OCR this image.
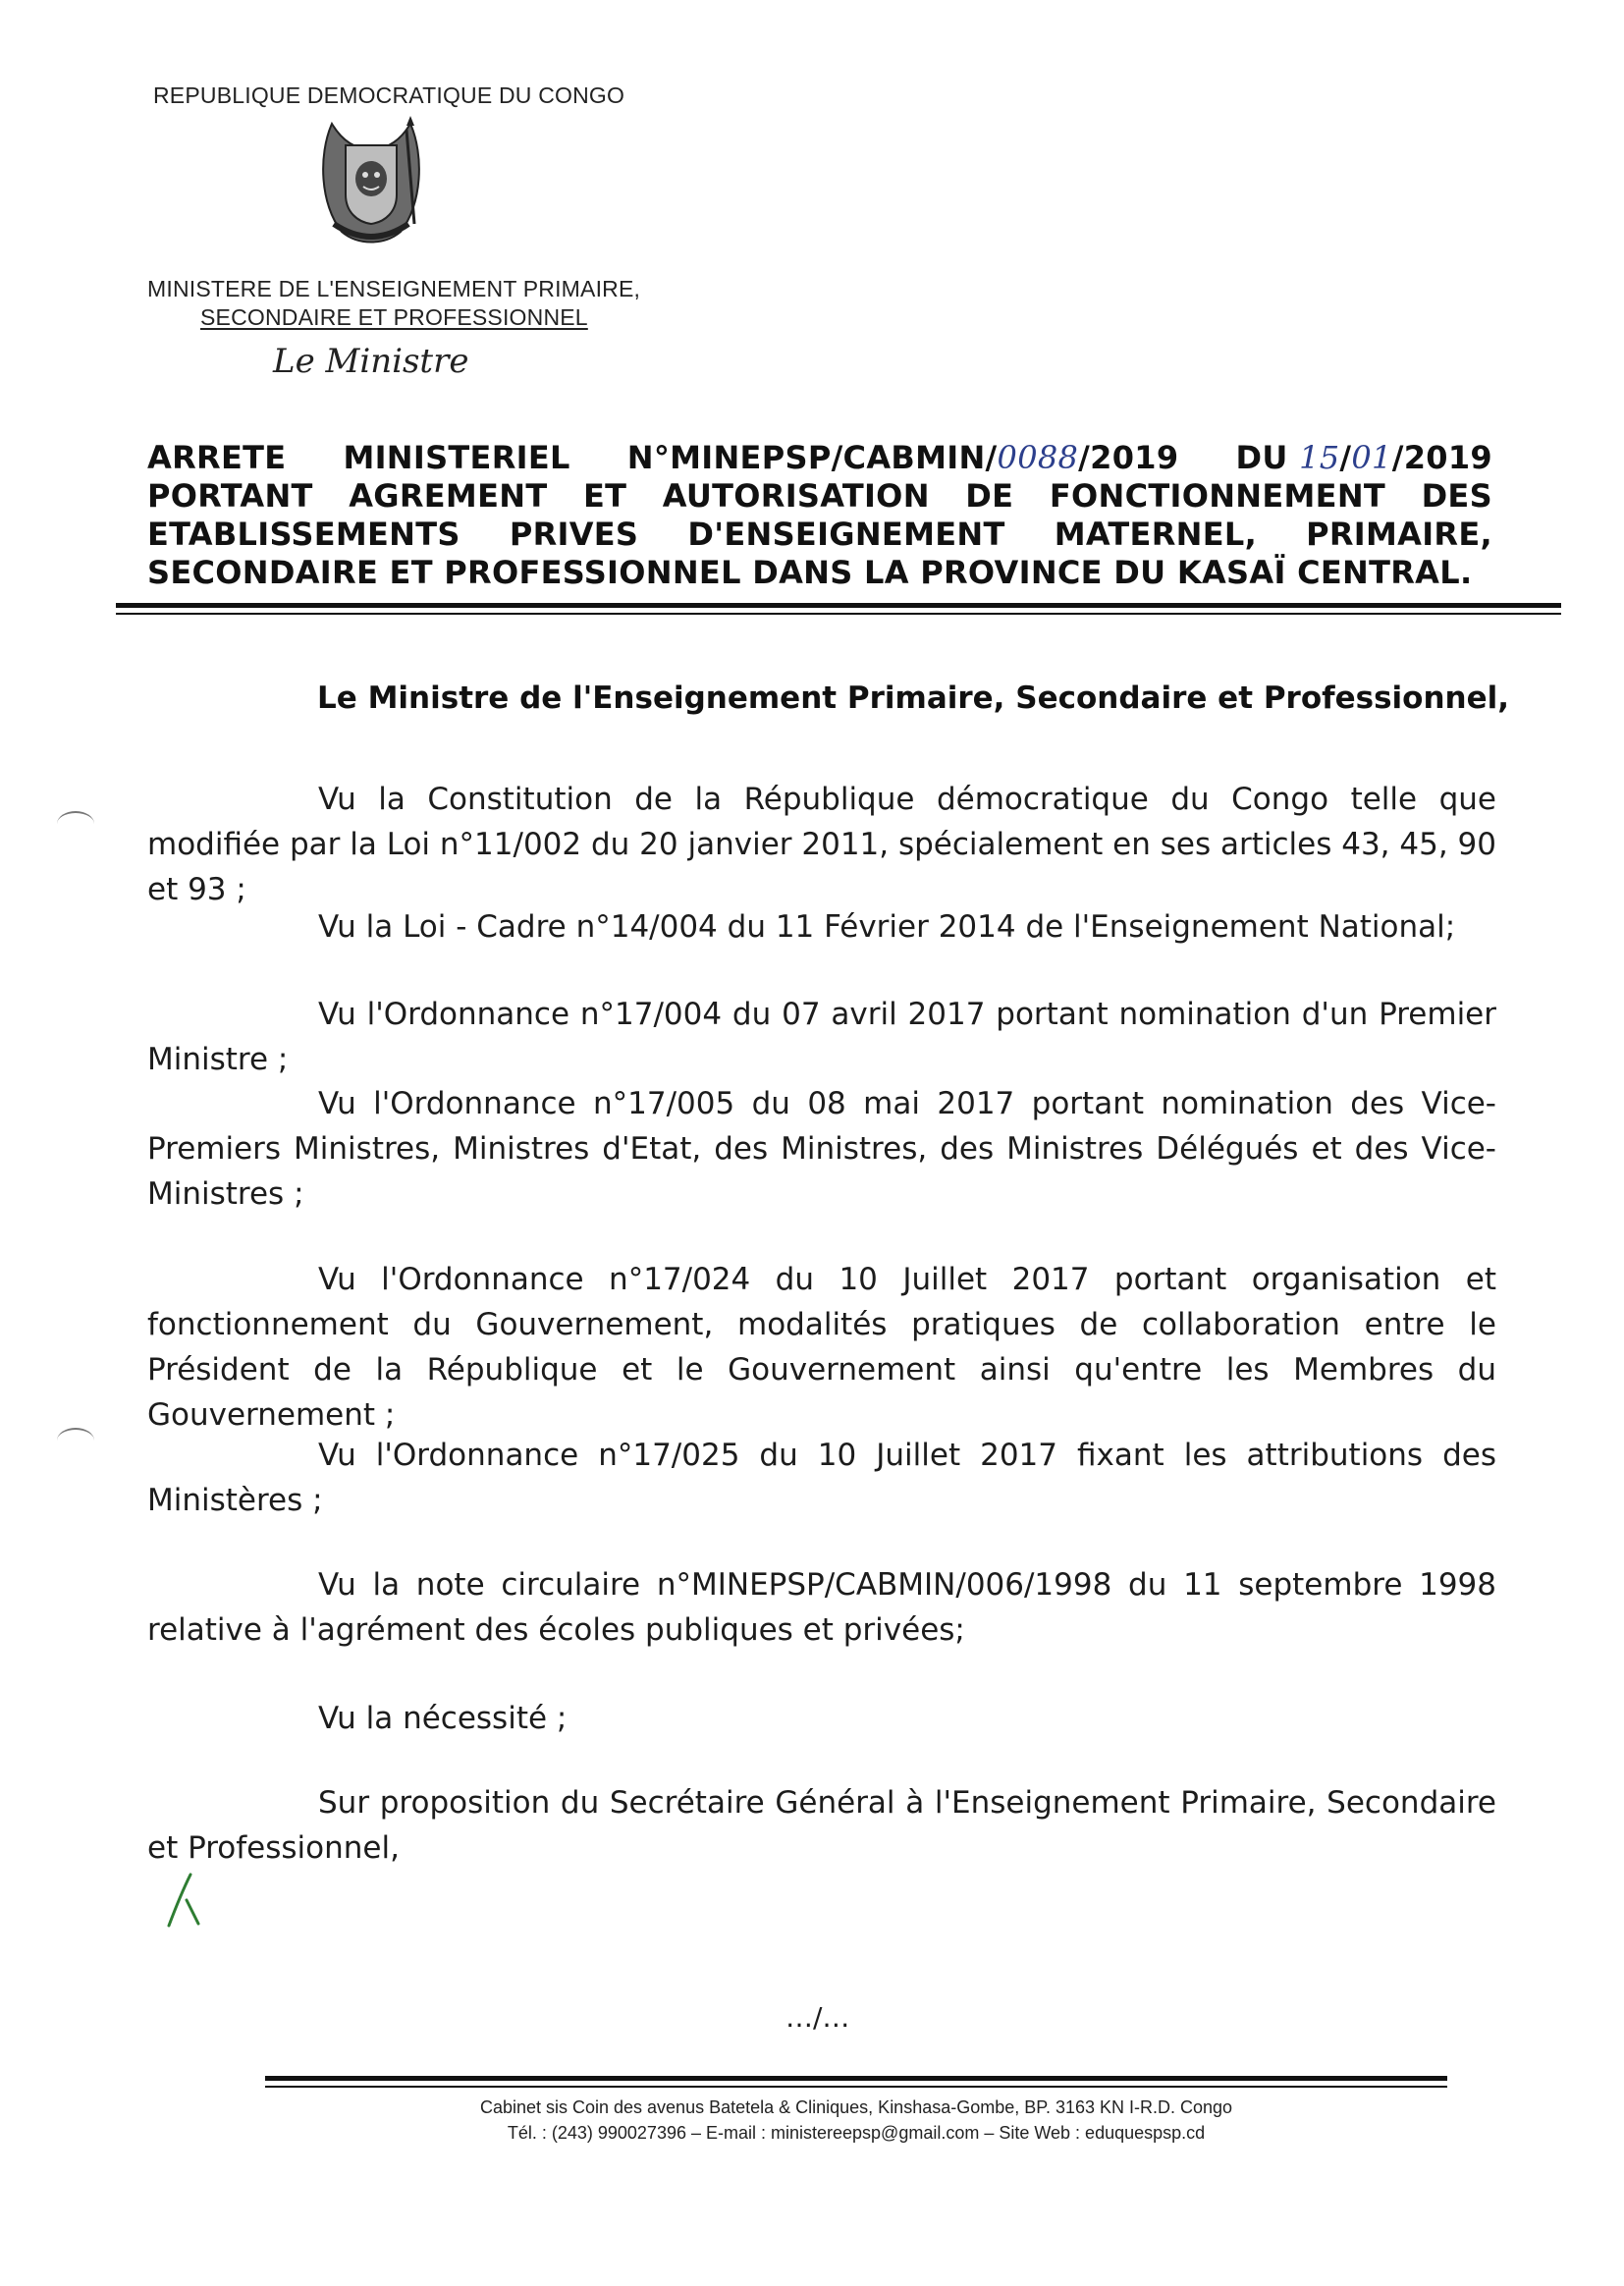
REPUBLIQUE DEMOCRATIQUE DU CONGO
MINISTERE DE L'ENSEIGNEMENT PRIMAIRE,
SECONDAIRE ET PROFESSIONNEL
Le Ministre
ARRETE MINISTERIEL N°MINEPSP/CABMIN/0088/2019 DU 15/01/2019
PORTANT AGREMENT ET AUTORISATION DE FONCTIONNEMENT DES
ETABLISSEMENTS PRIVES D'ENSEIGNEMENT MATERNEL, PRIMAIRE,
SECONDAIRE ET PROFESSIONNEL DANS LA PROVINCE DU KASAÏ CENTRAL.
Le Ministre de l'Enseignement Primaire, Secondaire et Professionnel,
Vu la Constitution de la République démocratique du Congo telle que modifiée par la Loi n°11/002 du 20 janvier 2011, spécialement en ses articles 43, 45, 90 et 93 ;
Vu la Loi - Cadre n°14/004 du 11 Février 2014 de l'Enseignement National;
Vu l'Ordonnance n°17/004 du 07 avril 2017 portant nomination d'un Premier Ministre ;
Vu l'Ordonnance n°17/005 du 08 mai 2017 portant nomination des Vice-Premiers Ministres, Ministres d'Etat, des Ministres, des Ministres Délégués et des Vice-Ministres ;
Vu l'Ordonnance n°17/024 du 10 Juillet 2017 portant organisation et fonctionnement du Gouvernement, modalités pratiques de collaboration entre le Président de la République et le Gouvernement ainsi qu'entre les Membres du Gouvernement ;
Vu l'Ordonnance n°17/025 du 10 Juillet 2017 fixant les attributions des Ministères ;
Vu la note circulaire n°MINEPSP/CABMIN/006/1998 du 11 septembre 1998 relative à l'agrément des écoles publiques et privées;
Vu la nécessité ;
Sur proposition du Secrétaire Général à l'Enseignement Primaire, Secondaire et Professionnel,
…/…
Cabinet sis Coin des avenus Batetela & Cliniques, Kinshasa-Gombe, BP. 3163 KN I-R.D. Congo
Tél. : (243) 990027396 – E-mail : ministereepsp@gmail.com – Site Web : eduquespsp.cd
